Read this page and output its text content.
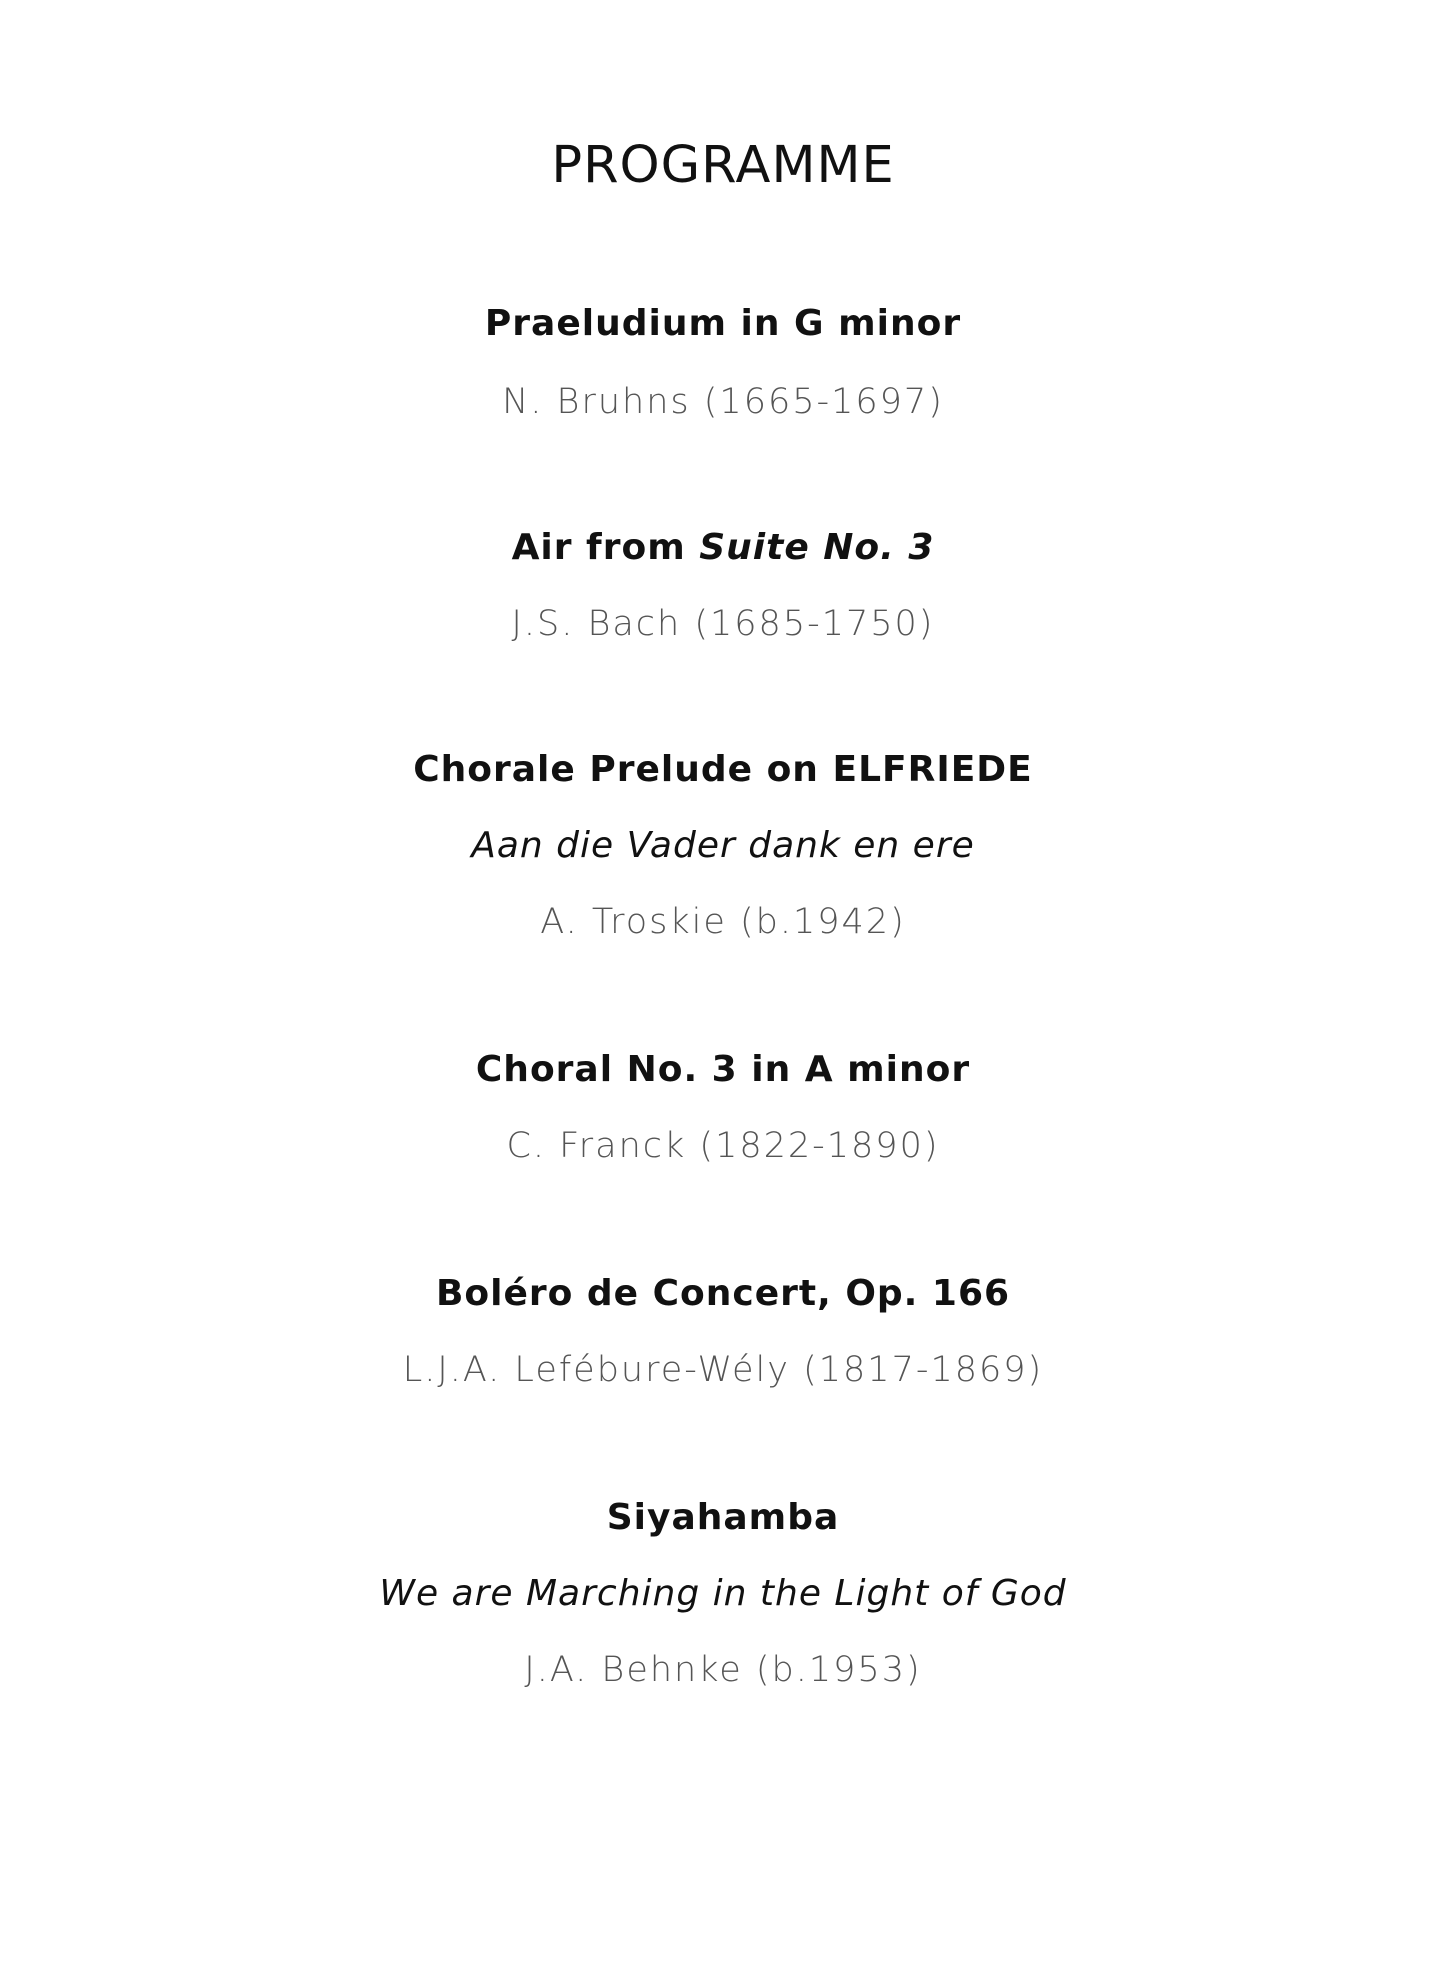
PROGRAMME
Praeludium in G minor
N. Bruhns (1665-1697)
Air from Suite No. 3
J.S. Bach (1685-1750)
Chorale Prelude on ELFRIEDE
Aan die Vader dank en ere
A. Troskie (b.1942)
Choral No. 3 in A minor
C. Franck (1822-1890)
Boléro de Concert, Op. 166
L.J.A. Lefébure-Wély (1817-1869)
Siyahamba
We are Marching in the Light of God
J.A. Behnke (b.1953)
